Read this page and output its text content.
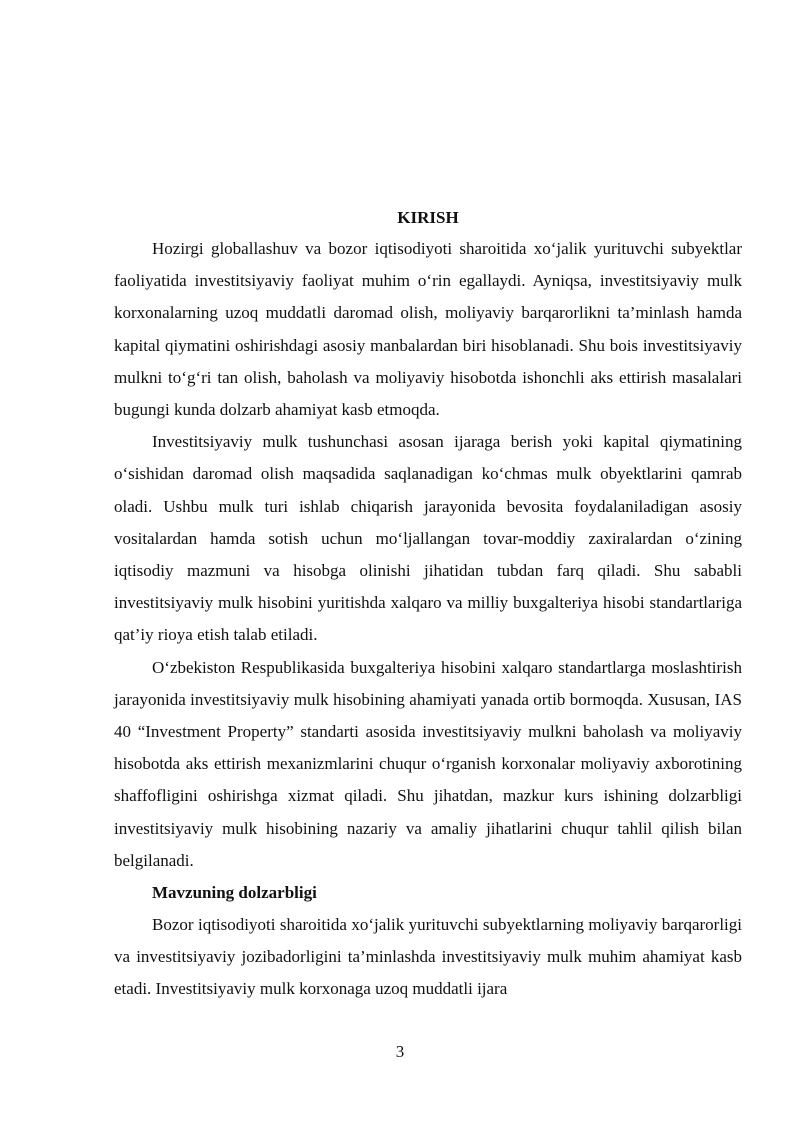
KIRISH

Hozirgi globallashuv va bozor iqtisodiyoti sharoitida xo‘jalik yurituvchi subyektlar faoliyatida investitsiyaviy faoliyat muhim o‘rin egallaydi. Ayniqsa, investitsiyaviy mulk korxonalarning uzoq muddatli daromad olish, moliyaviy barqarorlikni ta’minlash hamda kapital qiymatini oshirishdagi asosiy manbalardan biri hisoblanadi. Shu bois investitsiyaviy mulkni to‘g‘ri tan olish, baholash va moliyaviy hisobotda ishonchli aks ettirish masalalari bugungi kunda dolzarb ahamiyat kasb etmoqda.

Investitsiyaviy mulk tushunchasi asosan ijaraga berish yoki kapital qiymatining o‘sishidan daromad olish maqsadida saqlanadigan ko‘chmas mulk obyektlarini qamrab oladi. Ushbu mulk turi ishlab chiqarish jarayonida bevosita foydalaniladigan asosiy vositalardan hamda sotish uchun mo‘ljallangan tovar-moddiy zaxiralardan o‘zining iqtisodiy mazmuni va hisobga olinishi jihatidan tubdan farq qiladi. Shu sababli investitsiyaviy mulk hisobini yuritishda xalqaro va milliy buxgalteriya hisobi standartlariga qat’iy rioya etish talab etiladi.

O‘zbekiston Respublikasida buxgalteriya hisobini xalqaro standartlarga moslashtirish jarayonida investitsiyaviy mulk hisobining ahamiyati yanada ortib bormoqda. Xususan, IAS 40 “Investment Property” standarti asosida investitsiyaviy mulkni baholash va moliyaviy hisobotda aks ettirish mexanizmlarini chuqur o‘rganish korxonalar moliyaviy axborotining shaffofligini oshirishga xizmat qiladi. Shu jihatdan, mazkur kurs ishining dolzarbligi investitsiyaviy mulk hisobining nazariy va amaliy jihatlarini chuqur tahlil qilish bilan belgilanadi.

Mavzuning dolzarbligi

Bozor iqtisodiyoti sharoitida xo‘jalik yurituvchi subyektlarning moliyaviy barqarorligi va investitsiyaviy jozibadorligini ta’minlashda investitsiyaviy mulk muhim ahamiyat kasb etadi. Investitsiyaviy mulk korxonaga uzoq muddatli ijara

3
